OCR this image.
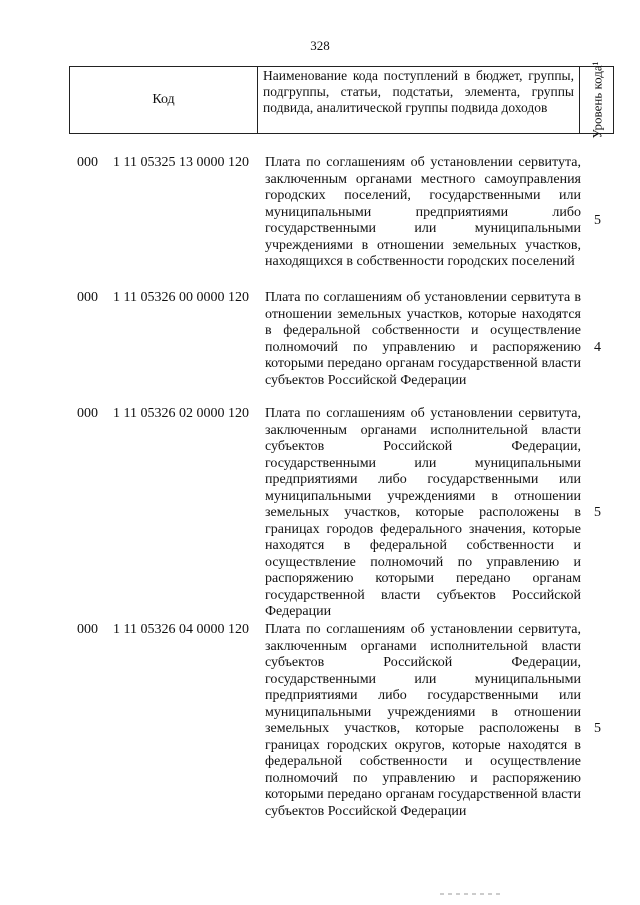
328
Код
Наименование кода поступлений в бюджет, группы, подгруппы, статьи, подстатьи, элемента, группы подвида, аналитической группы подвида доходов	Уровень кода¹
000 1 11 05325 13 0000 120 Плата по соглашениям об установлении сервитута, заключенным органами местного самоуправления городских поселений, государственными или муниципальными предприятиями либо государственными или муниципальными учреждениями в отношении земельных участков, находящихся в собственности городских поселений
5
000 1 11 05326 00 0000 120 Плата по соглашениям об установлении сервитута в отношении земельных участков, которые находятся в федеральной собственности и осуществление полномочий по управлению и распоряжению которыми передано органам государственной власти субъектов Российской Федерации
4
000 1 11 05326 02 0000 120 Плата по соглашениям об установлении сервитута, заключенным органами исполнительной власти субъектов Российской Федерации, государственными или муниципальными предприятиями либо государственными или муниципальными учреждениями в отношении земельных участков, которые расположены в границах городов федерального значения, которые находятся в федеральной собственности и осуществление полномочий по управлению и распоряжению которыми передано органам государственной власти субъектов Российской Федерации
5
000 1 11 05326 04 0000 120 Плата по соглашениям об установлении сервитута, заключенным органами исполнительной власти субъектов Российской Федерации, государственными или муниципальными предприятиями либо государственными или муниципальными учреждениями в отношении земельных участков, которые расположены в границах городских округов, которые находятся в федеральной собственности и осуществление полномочий по управлению и распоряжению которыми передано органам государственной власти субъектов Российской Федерации
5
